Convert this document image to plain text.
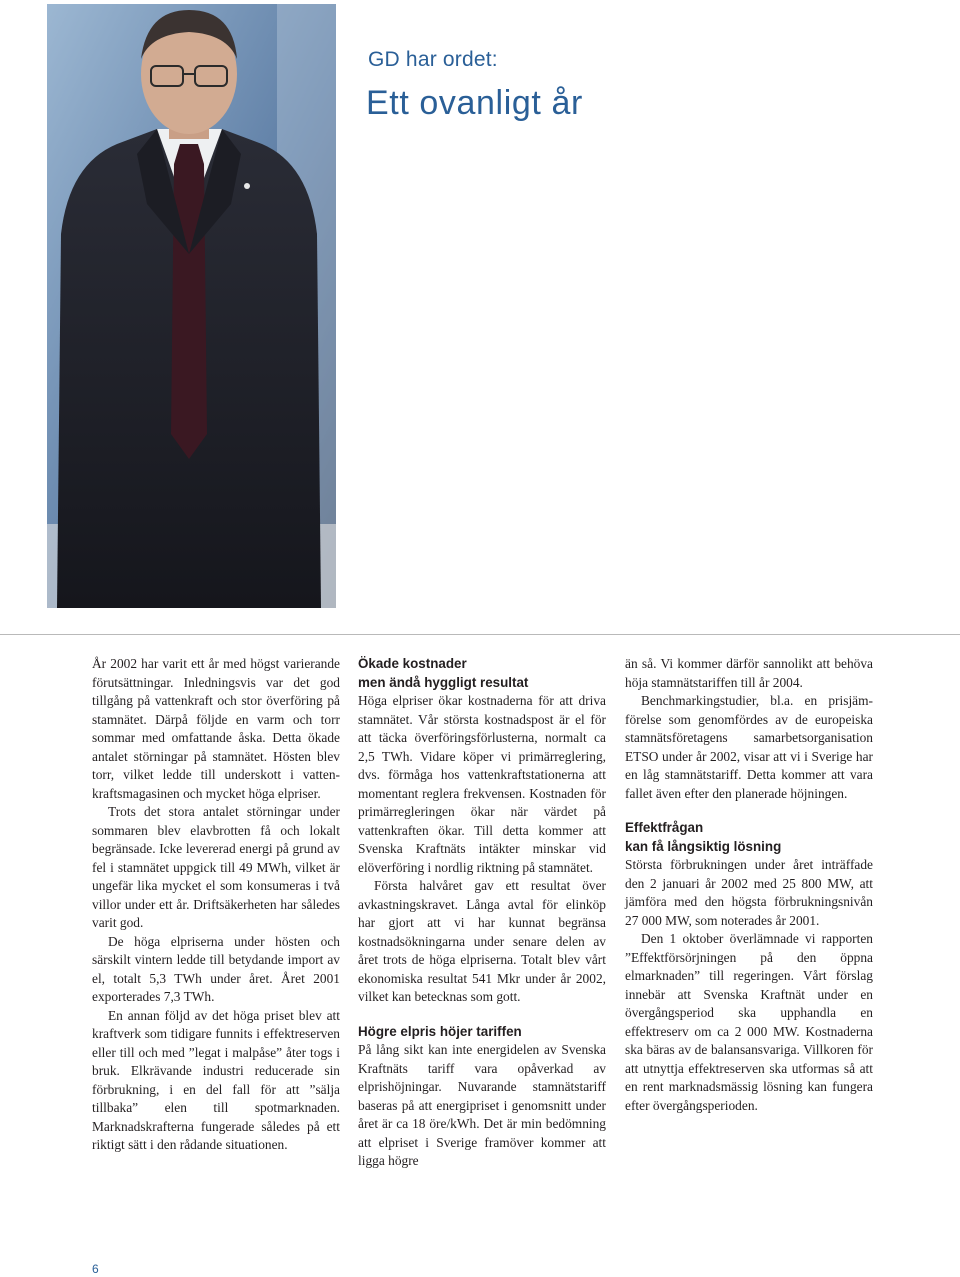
GD har ordet:
Ett ovanligt år

År 2002 har varit ett år med högst varierande förutsättningar. Inledningsvis var det god tillgång på vattenkraft och stor överföring på stamnätet. Därpå följde en varm och torr sommar med omfattande åska. Detta ökade antalet störningar på stamnätet. Hösten blev torr, vilket ledde till underskott i vattenkraftsmagasinen och mycket höga elpriser.

Trots det stora antalet störningar under sommaren blev elavbrotten få och lokalt begränsade. Icke levererad energi på grund av fel i stamnätet uppgick till 49 MWh, vilket är ungefär lika mycket el som konsumeras i två villor under ett år. Driftsäkerheten har således varit god.

De höga elpriserna under hösten och särskilt vintern ledde till betydande import av el, totalt 5,3 TWh under året. Året 2001 exporterades 7,3 TWh.

En annan följd av det höga priset blev att kraftverk som tidigare funnits i effektreserven eller till och med ”legat i malpåse” åter togs i bruk. Elkrävande industri reducerade sin förbrukning, i en del fall för att ”sälja tillbaka” elen till spotmarknaden. Marknadskrafterna fungerade således på ett riktigt sätt i den rådande situationen.

Ökade kostnader
men ändå hyggligt resultat

Höga elpriser ökar kostnaderna för att driva stamnätet. Vår största kostnadspost är el för att täcka överföringsförlusterna, normalt ca 2,5 TWh. Vidare köper vi primärreglering, dvs. förmåga hos vattenkraftstationerna att momentant reglera frekvensen. Kostnaden för primärregleringen ökar när värdet på vattenkraften ökar. Till detta kommer att Svenska Kraftnäts intäkter minskar vid elöverföring i nordlig riktning på stamnätet.

Första halvåret gav ett resultat över avkastningskravet. Långa avtal för elinköp har gjort att vi har kunnat begränsa kostnadsökningarna under senare delen av året trots de höga elpriserna. Totalt blev vårt ekonomiska resultat 541 Mkr under år 2002, vilket kan betecknas som gott.

Högre elpris höjer tariffen

På lång sikt kan inte energidelen av Svenska Kraftnäts tariff vara opåverkad av elprishöjningar. Nuvarande stamnätstariff baseras på att energipriset i genomsnitt under året är ca 18 öre/kWh. Det är min bedömning att elpriset i Sverige framöver kommer att ligga högre

än så. Vi kommer därför sannolikt att behöva höja stamnätstariffen till år 2004.

Benchmarkingstudier, bl.a. en prisjämförelse som genomfördes av de europeiska stamnätsföretagens samarbetsorganisation ETSO under år 2002, visar att vi i Sverige har en låg stamnätstariff. Detta kommer att vara fallet även efter den planerade höjningen.

Effektfrågan
kan få långsiktig lösning

Största förbrukningen under året inträffade den 2 januari år 2002 med 25 800 MW, att jämföra med den högsta förbrukningsnivån 27 000 MW, som noterades år 2001.

Den 1 oktober överlämnade vi rapporten ”Effektförsörjningen på den öppna elmarknaden” till regeringen. Vårt förslag innebär att Svenska Kraftnät under en övergångsperiod ska upphandla en effektreserv om ca 2 000 MW. Kostnaderna ska bäras av de balansansvariga. Villkoren för att utnyttja effektreserven ska utformas så att en rent marknadsmässig lösning kan fungera efter övergångsperioden.

6
